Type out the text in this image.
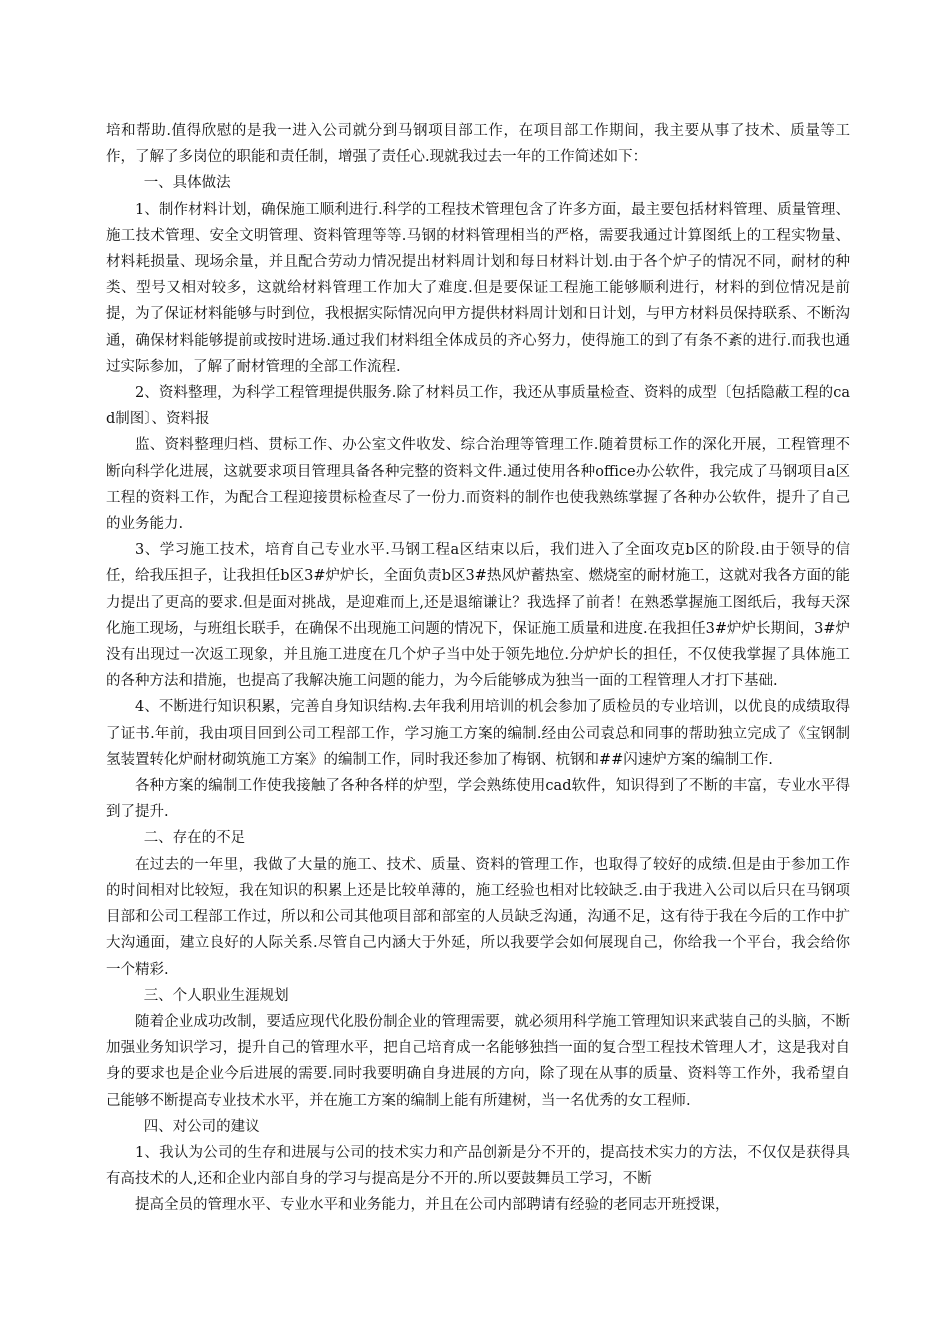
培和帮助.值得欣慰的是我一进入公司就分到马钢项目部工作，在项目部工作期间，我主要从事了技术、质量等工作，了解了多岗位的职能和责任制，增强了责任心.现就我过去一年的工作简述如下：

一、具体做法

1、制作材料计划，确保施工顺利进行.科学的工程技术管理包含了许多方面，最主要包括材料管理、质量管理、施工技术管理、安全文明管理、资料管理等等.马钢的材料管理相当的严格，需要我通过计算图纸上的工程实物量、材料耗损量、现场余量，并且配合劳动力情况提出材料周计划和每日材料计划.由于各个炉子的情况不同，耐材的种类、型号又相对较多，这就给材料管理工作加大了难度.但是要保证工程施工能够顺利进行，材料的到位情况是前提，为了保证材料能够与时到位，我根据实际情况向甲方提供材料周计划和日计划，与甲方材料员保持联系、不断沟通，确保材料能够提前或按时进场.通过我们材料组全体成员的齐心努力，使得施工的到了有条不紊的进行.而我也通过实际参加，了解了耐材管理的全部工作流程.

2、资料整理，为科学工程管理提供服务.除了材料员工作，我还从事质量检查、资料的成型〔包括隐蔽工程的cad制图〕、资料报

监、资料整理归档、贯标工作、办公室文件收发、综合治理等管理工作.随着贯标工作的深化开展，工程管理不断向科学化进展，这就要求项目管理具备各种完整的资料文件.通过使用各种office办公软件，我完成了马钢项目a区工程的资料工作，为配合工程迎接贯标检查尽了一份力.而资料的制作也使我熟练掌握了各种办公软件，提升了自己的业务能力.

3、学习施工技术，培育自己专业水平.马钢工程a区结束以后，我们进入了全面攻克b区的阶段.由于领导的信任，给我压担子，让我担任b区3#炉炉长，全面负责b区3#热风炉蓄热室、燃烧室的耐材施工，这就对我各方面的能力提出了更高的要求.但是面对挑战，是迎难而上,还是退缩谦让？我选择了前者！在熟悉掌握施工图纸后，我每天深化施工现场，与班组长联手，在确保不出现施工问题的情况下，保证施工质量和进度.在我担任3#炉炉长期间，3#炉没有出现过一次返工现象，并且施工进度在几个炉子当中处于领先地位.分炉炉长的担任，不仅使我掌握了具体施工的各种方法和措施，也提高了我解决施工问题的能力，为今后能够成为独当一面的工程管理人才打下基础.

4、不断进行知识积累，完善自身知识结构.去年我利用培训的机会参加了质检员的专业培训，以优良的成绩取得了证书.年前，我由项目回到公司工程部工作，学习施工方案的编制.经由公司袁总和同事的帮助独立完成了《宝钢制氢装置转化炉耐材砌筑施工方案》的编制工作，同时我还参加了梅钢、杭钢和##闪速炉方案的编制工作.

各种方案的编制工作使我接触了各种各样的炉型，学会熟练使用cad软件，知识得到了不断的丰富，专业水平得到了提升.

二、存在的不足

在过去的一年里，我做了大量的施工、技术、质量、资料的管理工作，也取得了较好的成绩.但是由于参加工作的时间相对比较短，我在知识的积累上还是比较单薄的，施工经验也相对比较缺乏.由于我进入公司以后只在马钢项目部和公司工程部工作过，所以和公司其他项目部和部室的人员缺乏沟通，沟通不足，这有待于我在今后的工作中扩大沟通面，建立良好的人际关系.尽管自己内涵大于外延，所以我要学会如何展现自己，你给我一个平台，我会给你一个精彩.

三、个人职业生涯规划

随着企业成功改制，要适应现代化股份制企业的管理需要，就必须用科学施工管理知识来武装自己的头脑，不断加强业务知识学习，提升自己的管理水平，把自己培育成一名能够独挡一面的复合型工程技术管理人才，这是我对自身的要求也是企业今后进展的需要.同时我要明确自身进展的方向，除了现在从事的质量、资料等工作外，我希望自己能够不断提高专业技术水平，并在施工方案的编制上能有所建树，当一名优秀的女工程师.

四、对公司的建议

1、我认为公司的生存和进展与公司的技术实力和产品创新是分不开的，提高技术实力的方法，不仅仅是获得具有高技术的人,还和企业内部自身的学习与提高是分不开的.所以要鼓舞员工学习，不断

提高全员的管理水平、专业水平和业务能力，并且在公司内部聘请有经验的老同志开班授课，
